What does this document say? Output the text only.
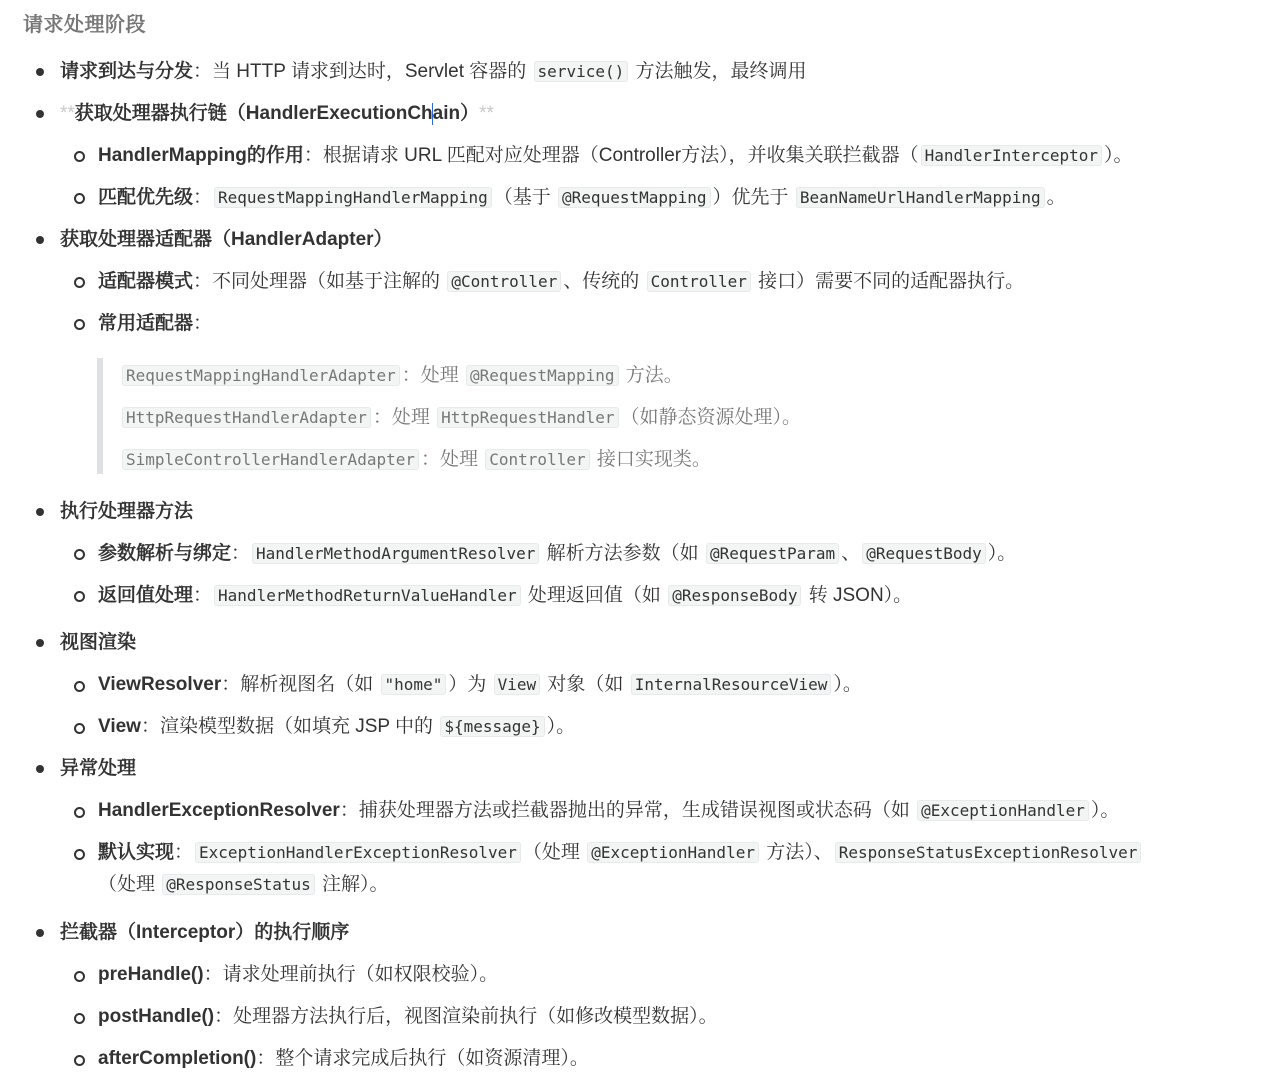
请求处理阶段
请求到达与分发：当 HTTP 请求到达时，Servlet 容器的 service() 方法触发，最终调用
**获取处理器执行链（HandlerExecutionChain）**
HandlerMapping的作用：根据请求 URL 匹配对应处理器（Controller方法），并收集关联拦截器（ HandlerInterceptor ）。
匹配优先级： RequestMappingHandlerMapping （基于 @RequestMapping ）优先于 BeanNameUrlHandlerMapping 。
获取处理器适配器（HandlerAdapter）
适配器模式：不同处理器（如基于注解的 @Controller 、传统的 Controller 接口）需要不同的适配器执行。
常用适配器：
RequestMappingHandlerAdapter ：处理 @RequestMapping 方法。
HttpRequestHandlerAdapter ：处理 HttpRequestHandler （如静态资源处理）。
SimpleControllerHandlerAdapter ：处理 Controller 接口实现类。
执行处理器方法
参数解析与绑定： HandlerMethodArgumentResolver 解析方法参数（如 @RequestParam 、 @RequestBody ）。
返回值处理： HandlerMethodReturnValueHandler 处理返回值（如 @ResponseBody 转 JSON）。
视图渲染
ViewResolver：解析视图名（如 "home" ）为 View 对象（如 InternalResourceView ）。
View：渲染模型数据（如填充 JSP 中的 ${message} ）。
异常处理
HandlerExceptionResolver：捕获处理器方法或拦截器抛出的异常，生成错误视图或状态码（如 @ExceptionHandler ）。
默认实现： ExceptionHandlerExceptionResolver （处理 @ExceptionHandler 方法）、 ResponseStatusExceptionResolver
（处理 @ResponseStatus 注解）。
拦截器（Interceptor）的执行顺序
preHandle()：请求处理前执行（如权限校验）。
postHandle()：处理器方法执行后，视图渲染前执行（如修改模型数据）。
afterCompletion()：整个请求完成后执行（如资源清理）。
